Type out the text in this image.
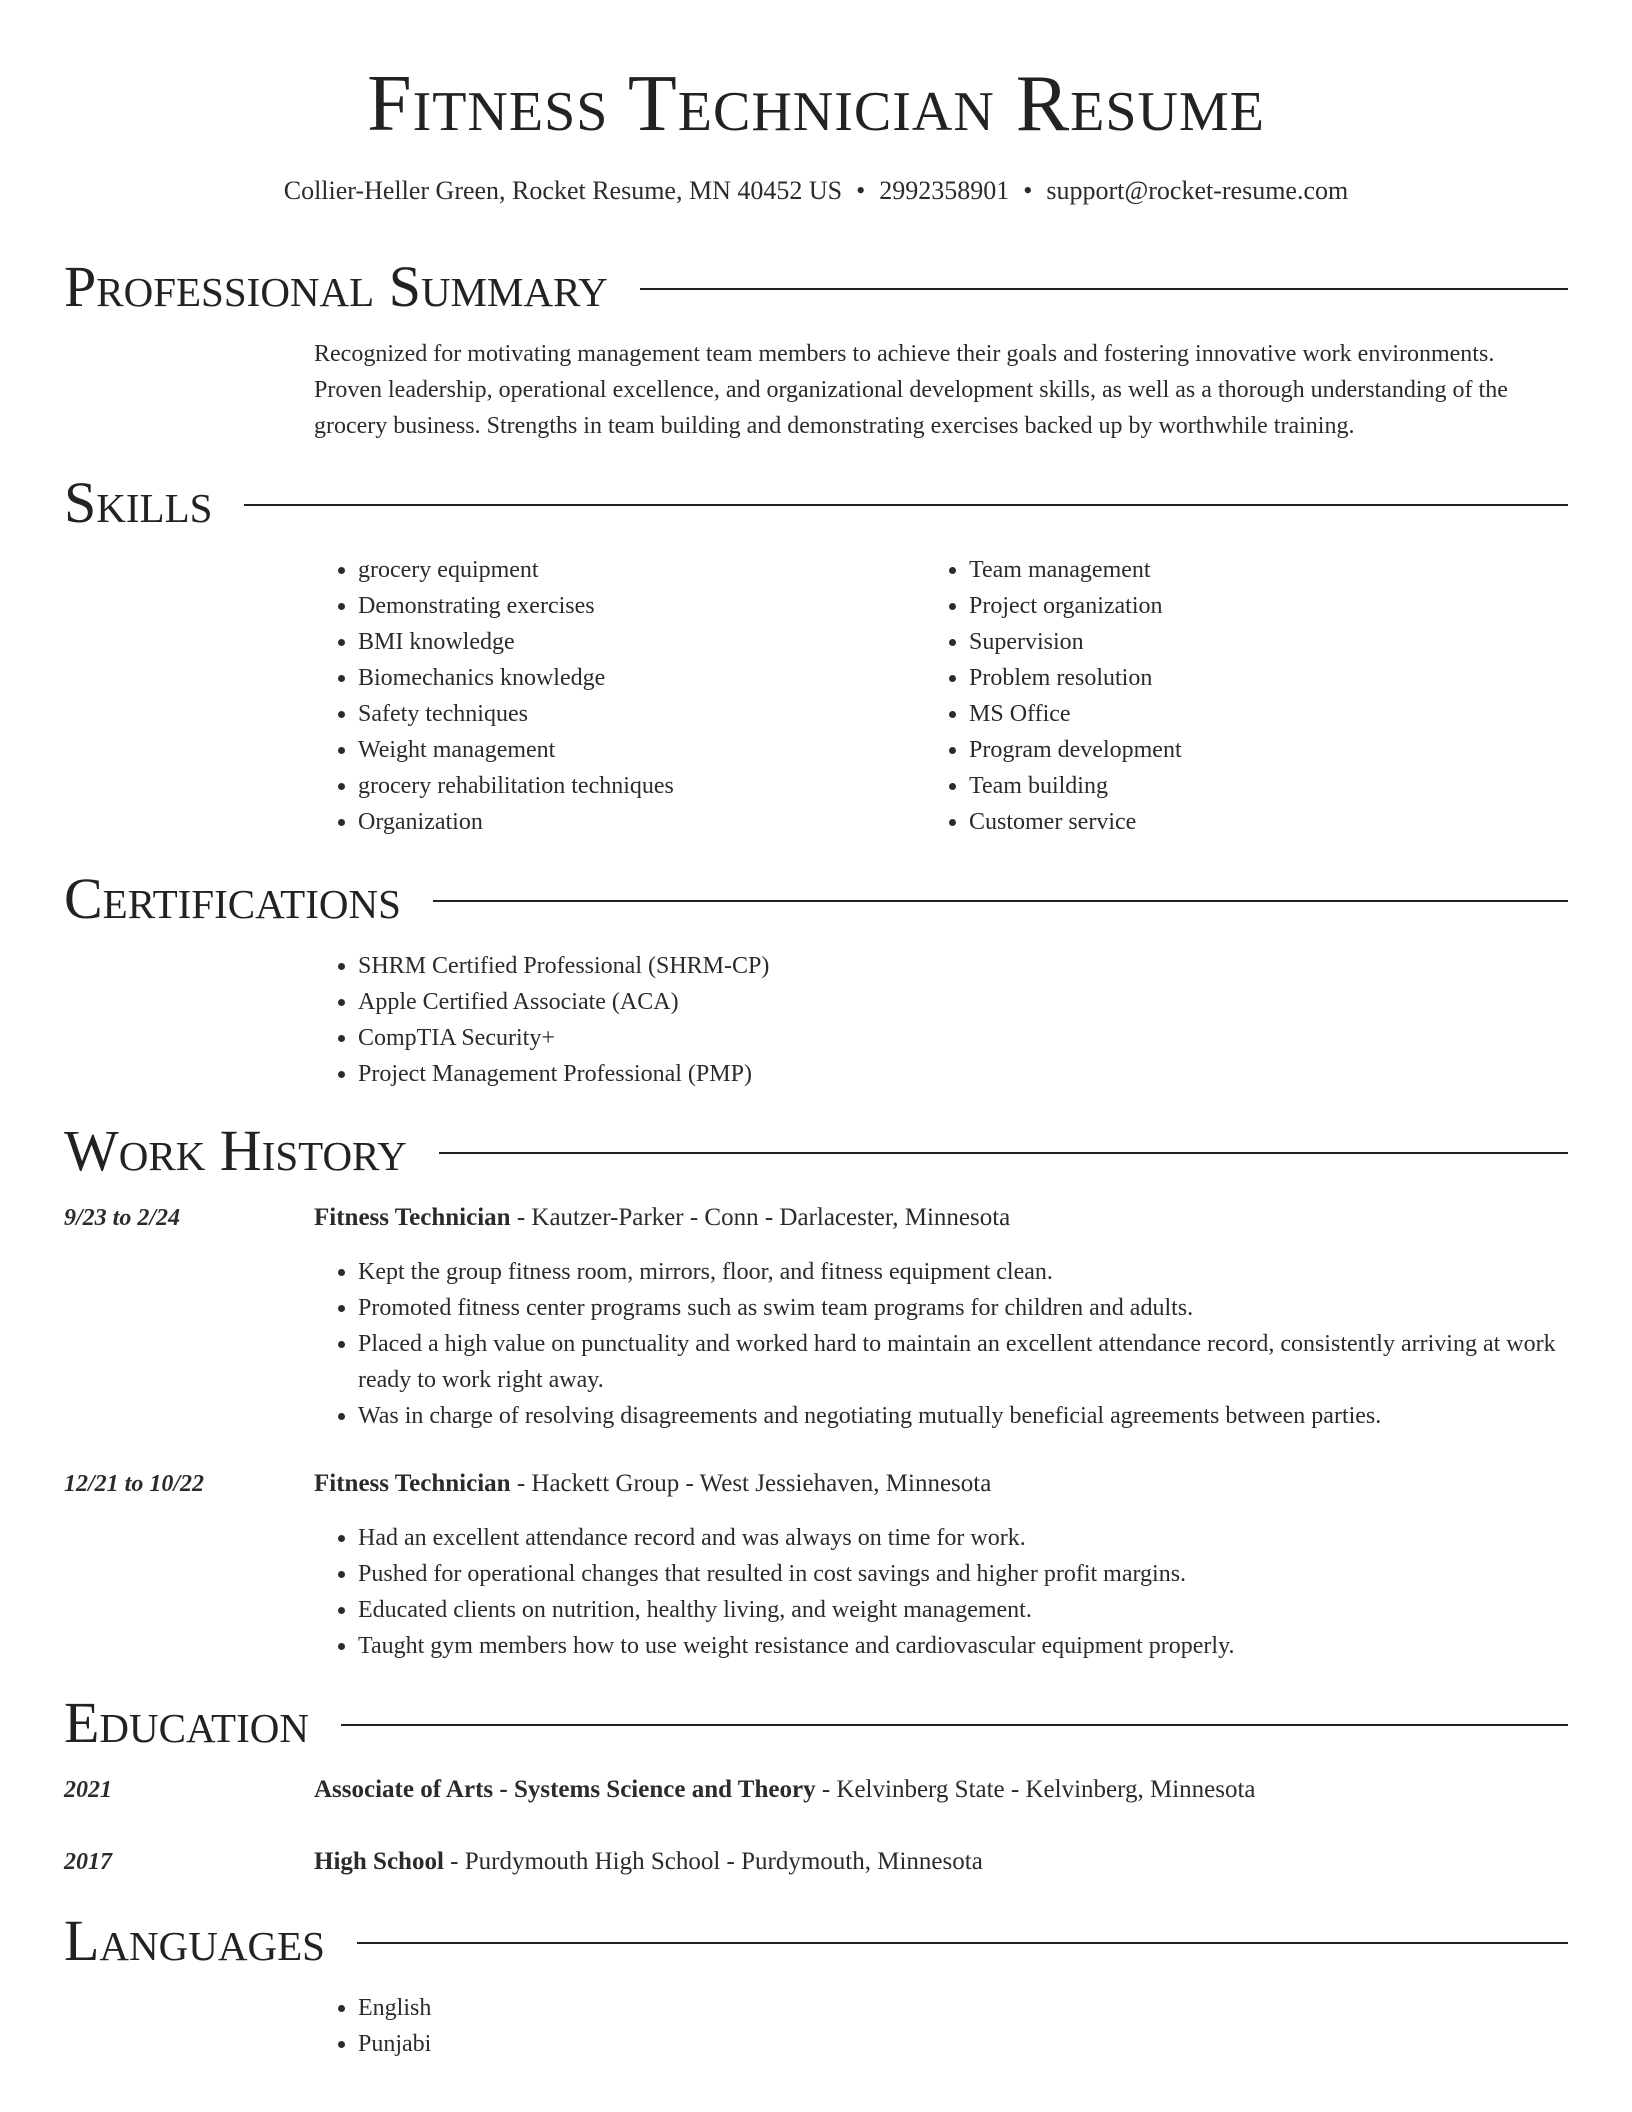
Fitness Technician Resume
Collier-Heller Green, Rocket Resume, MN 40452 US • 2992358901 • support@rocket-resume.com
Professional Summary

Recognized for motivating management team members to achieve their goals and fostering innovative work environments. Proven leadership, operational excellence, and organizational development skills, as well as a thorough understanding of the grocery business. Strengths in team building and demonstrating exercises backed up by worthwhile training.

Skills
• grocery equipment
• Demonstrating exercises
• BMI knowledge
• Biomechanics knowledge
• Safety techniques
• Weight management
• grocery rehabilitation techniques
• Organization
• Team management
• Project organization
• Supervision
• Problem resolution
• MS Office
• Program development
• Team building
• Customer service
Certifications
• SHRM Certified Professional (SHRM-CP)
• Apple Certified Associate (ACA)
• CompTIA Security+
• Project Management Professional (PMP)
Work History
9/23 to 2/24	Fitness Technician - Kautzer-Parker - Conn - Darlacester, Minnesota
• Kept the group fitness room, mirrors, floor, and fitness equipment clean.
• Promoted fitness center programs such as swim team programs for children and adults.
• Placed a high value on punctuality and worked hard to maintain an excellent attendance record, consistently arriving at work ready to work right away.
• Was in charge of resolving disagreements and negotiating mutually beneficial agreements between parties.
12/21 to 10/22	Fitness Technician - Hackett Group - West Jessiehaven, Minnesota
• Had an excellent attendance record and was always on time for work.
• Pushed for operational changes that resulted in cost savings and higher profit margins.
• Educated clients on nutrition, healthy living, and weight management.
• Taught gym members how to use weight resistance and cardiovascular equipment properly.
Education
2021	Associate of Arts - Systems Science and Theory - Kelvinberg State - Kelvinberg, Minnesota
2017	High School - Purdymouth High School - Purdymouth, Minnesota
Languages
• English
• Punjabi
